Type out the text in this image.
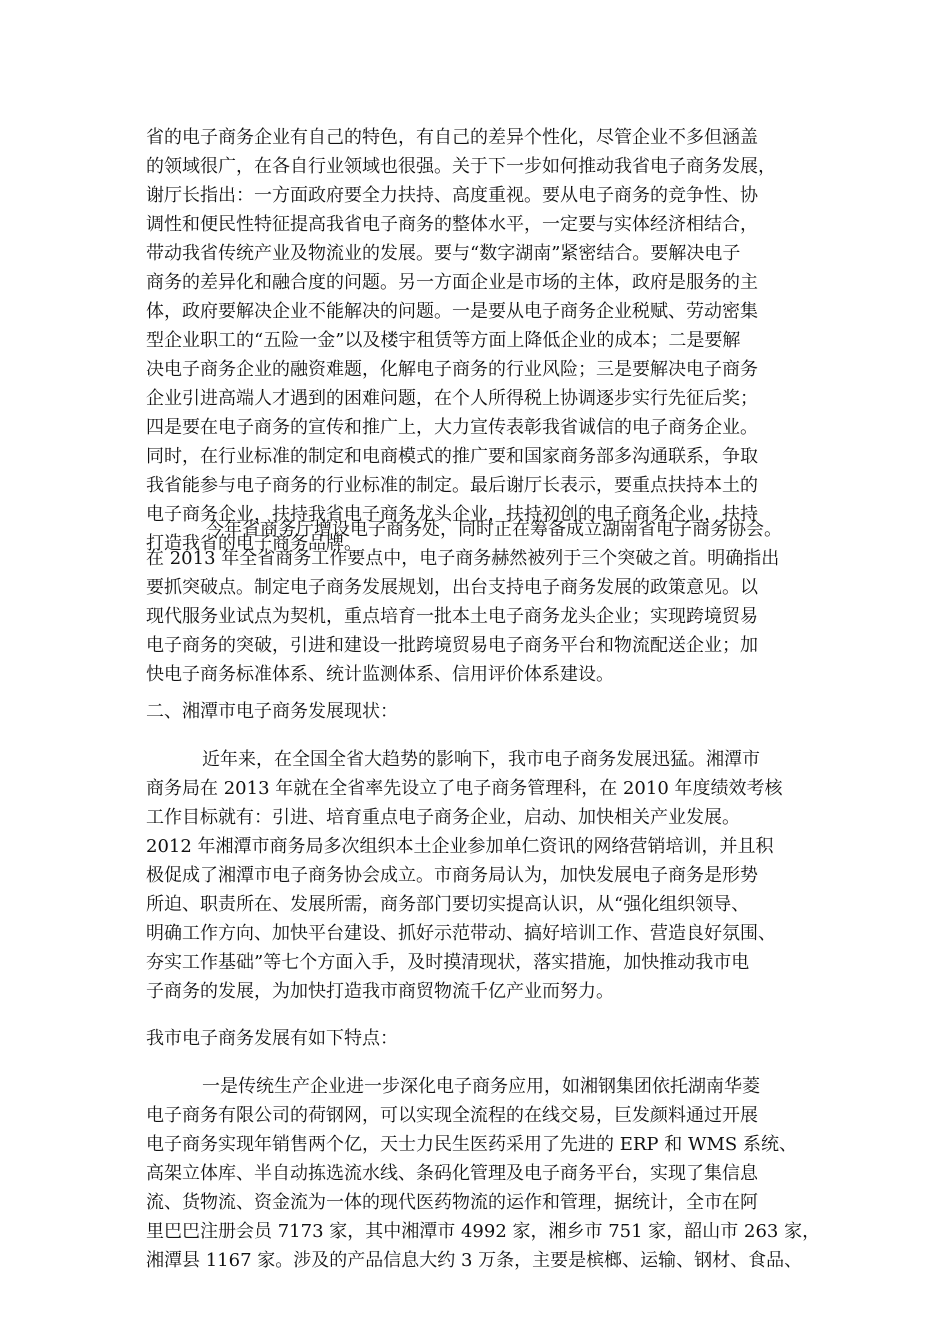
省的电子商务企业有自己的特色，有自己的差异个性化，尽管企业不多但涵盖
的领域很广，在各自行业领域也很强。关于下一步如何推动我省电子商务发展，
谢厅长指出：一方面政府要全力扶持、高度重视。要从电子商务的竞争性、协
调性和便民性特征提高我省电子商务的整体水平，一定要与实体经济相结合，
带动我省传统产业及物流业的发展。要与“数字湖南”紧密结合。要解决电子
商务的差异化和融合度的问题。另一方面企业是市场的主体，政府是服务的主
体，政府要解决企业不能解决的问题。一是要从电子商务企业税赋、劳动密集
型企业职工的“五险一金”以及楼宇租赁等方面上降低企业的成本；二是要解
决电子商务企业的融资难题，化解电子商务的行业风险；三是要解决电子商务
企业引进高端人才遇到的困难问题，在个人所得税上协调逐步实行先征后奖；
四是要在电子商务的宣传和推广上，大力宣传表彰我省诚信的电子商务企业。
同时，在行业标准的制定和电商模式的推广要和国家商务部多沟通联系，争取
我省能参与电子商务的行业标准的制定。最后谢厅长表示，要重点扶持本土的
电子商务企业，扶持我省电子商务龙头企业，扶持初创的电子商务企业，扶持
打造我省的电子商务品牌。
今年省商务厅增设电子商务处，同时正在筹备成立湖南省电子商务协会。
在 2013 年全省商务工作要点中，电子商务赫然被列于三个突破之首。明确指出
要抓突破点。制定电子商务发展规划，出台支持电子商务发展的政策意见。以
现代服务业试点为契机，重点培育一批本土电子商务龙头企业；实现跨境贸易
电子商务的突破，引进和建设一批跨境贸易电子商务平台和物流配送企业；加
快电子商务标准体系、统计监测体系、信用评价体系建设。
二、湘潭市电子商务发展现状：
近年来，在全国全省大趋势的影响下，我市电子商务发展迅猛。湘潭市
商务局在 2013 年就在全省率先设立了电子商务管理科，在 2010 年度绩效考核
工作目标就有：引进、培育重点电子商务企业，启动、加快相关产业发展。
2012 年湘潭市商务局多次组织本土企业参加单仁资讯的网络营销培训，并且积
极促成了湘潭市电子商务协会成立。市商务局认为，加快发展电子商务是形势
所迫、职责所在、发展所需，商务部门要切实提高认识，从“强化组织领导、
明确工作方向、加快平台建设、抓好示范带动、搞好培训工作、营造良好氛围、
夯实工作基础”等七个方面入手，及时摸清现状，落实措施，加快推动我市电
子商务的发展，为加快打造我市商贸物流千亿产业而努力。
我市电子商务发展有如下特点：
一是传统生产企业进一步深化电子商务应用，如湘钢集团依托湖南华菱
电子商务有限公司的荷钢网，可以实现全流程的在线交易，巨发颜料通过开展
电子商务实现年销售两个亿，天士力民生医药采用了先进的 ERP 和 WMS 系统、
高架立体库、半自动拣选流水线、条码化管理及电子商务平台，实现了集信息
流、货物流、资金流为一体的现代医药物流的运作和管理，据统计，全市在阿
里巴巴注册会员 7173 家，其中湘潭市 4992 家，湘乡市 751 家，韶山市 263 家，
湘潭县 1167 家。涉及的产品信息大约 3 万条，主要是槟榔、运输、钢材、食品、
